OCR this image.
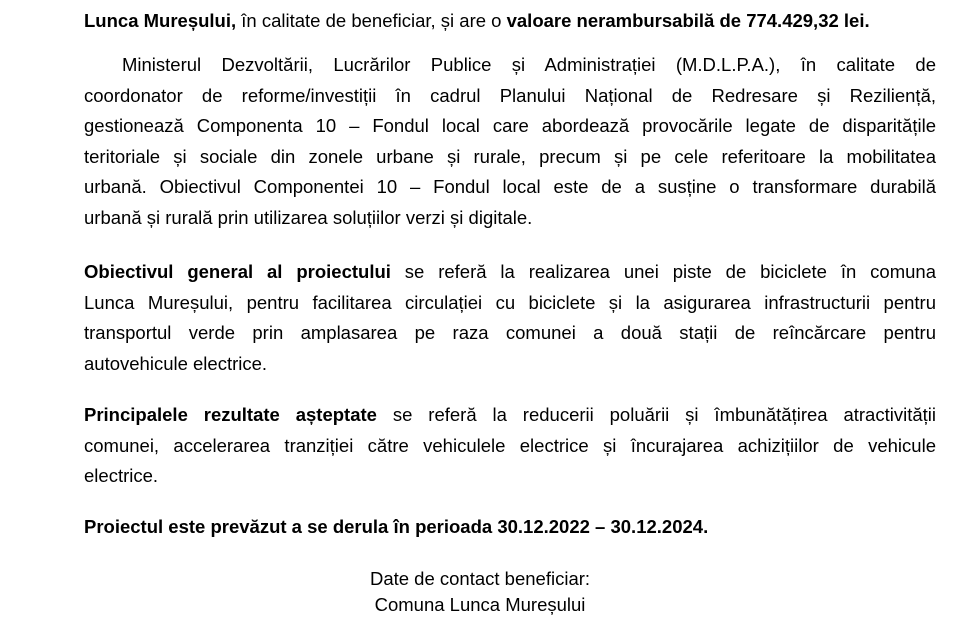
Lunca Mureșului, în calitate de beneficiar, și are o valoare nerambursabilă de 774.429,32 lei.

Ministerul Dezvoltării, Lucrărilor Publice și Administrației (M.D.L.P.A.), în calitate de
coordonator de reforme/investiții în cadrul Planului Național de Redresare și Reziliență,
gestionează Componenta 10 – Fondul local care abordează provocările legate de disparitățile
teritoriale și sociale din zonele urbane și rurale, precum și pe cele referitoare la mobilitatea
urbană. Obiectivul Componentei 10 – Fondul local este de a susține o transformare durabilă
urbană și rurală prin utilizarea soluțiilor verzi și digitale.
Obiectivul general al proiectului se referă la realizarea unei piste de biciclete în comuna
Lunca Mureșului, pentru facilitarea circulației cu biciclete și la asigurarea infrastructurii pentru
transportul verde prin amplasarea pe raza comunei a două stații de reîncărcare pentru
autovehicule electrice.
Principalele rezultate așteptate se referă la reducerii poluării și îmbunătățirea atractivității
comunei, accelerarea tranziției către vehiculele electrice și încurajarea achizițiilor de vehicule
electrice.

Proiectul este prevăzut a se derula în perioada 30.12.2022 – 30.12.2024.

Date de contact beneficiar:
Comuna Lunca Mureșului
